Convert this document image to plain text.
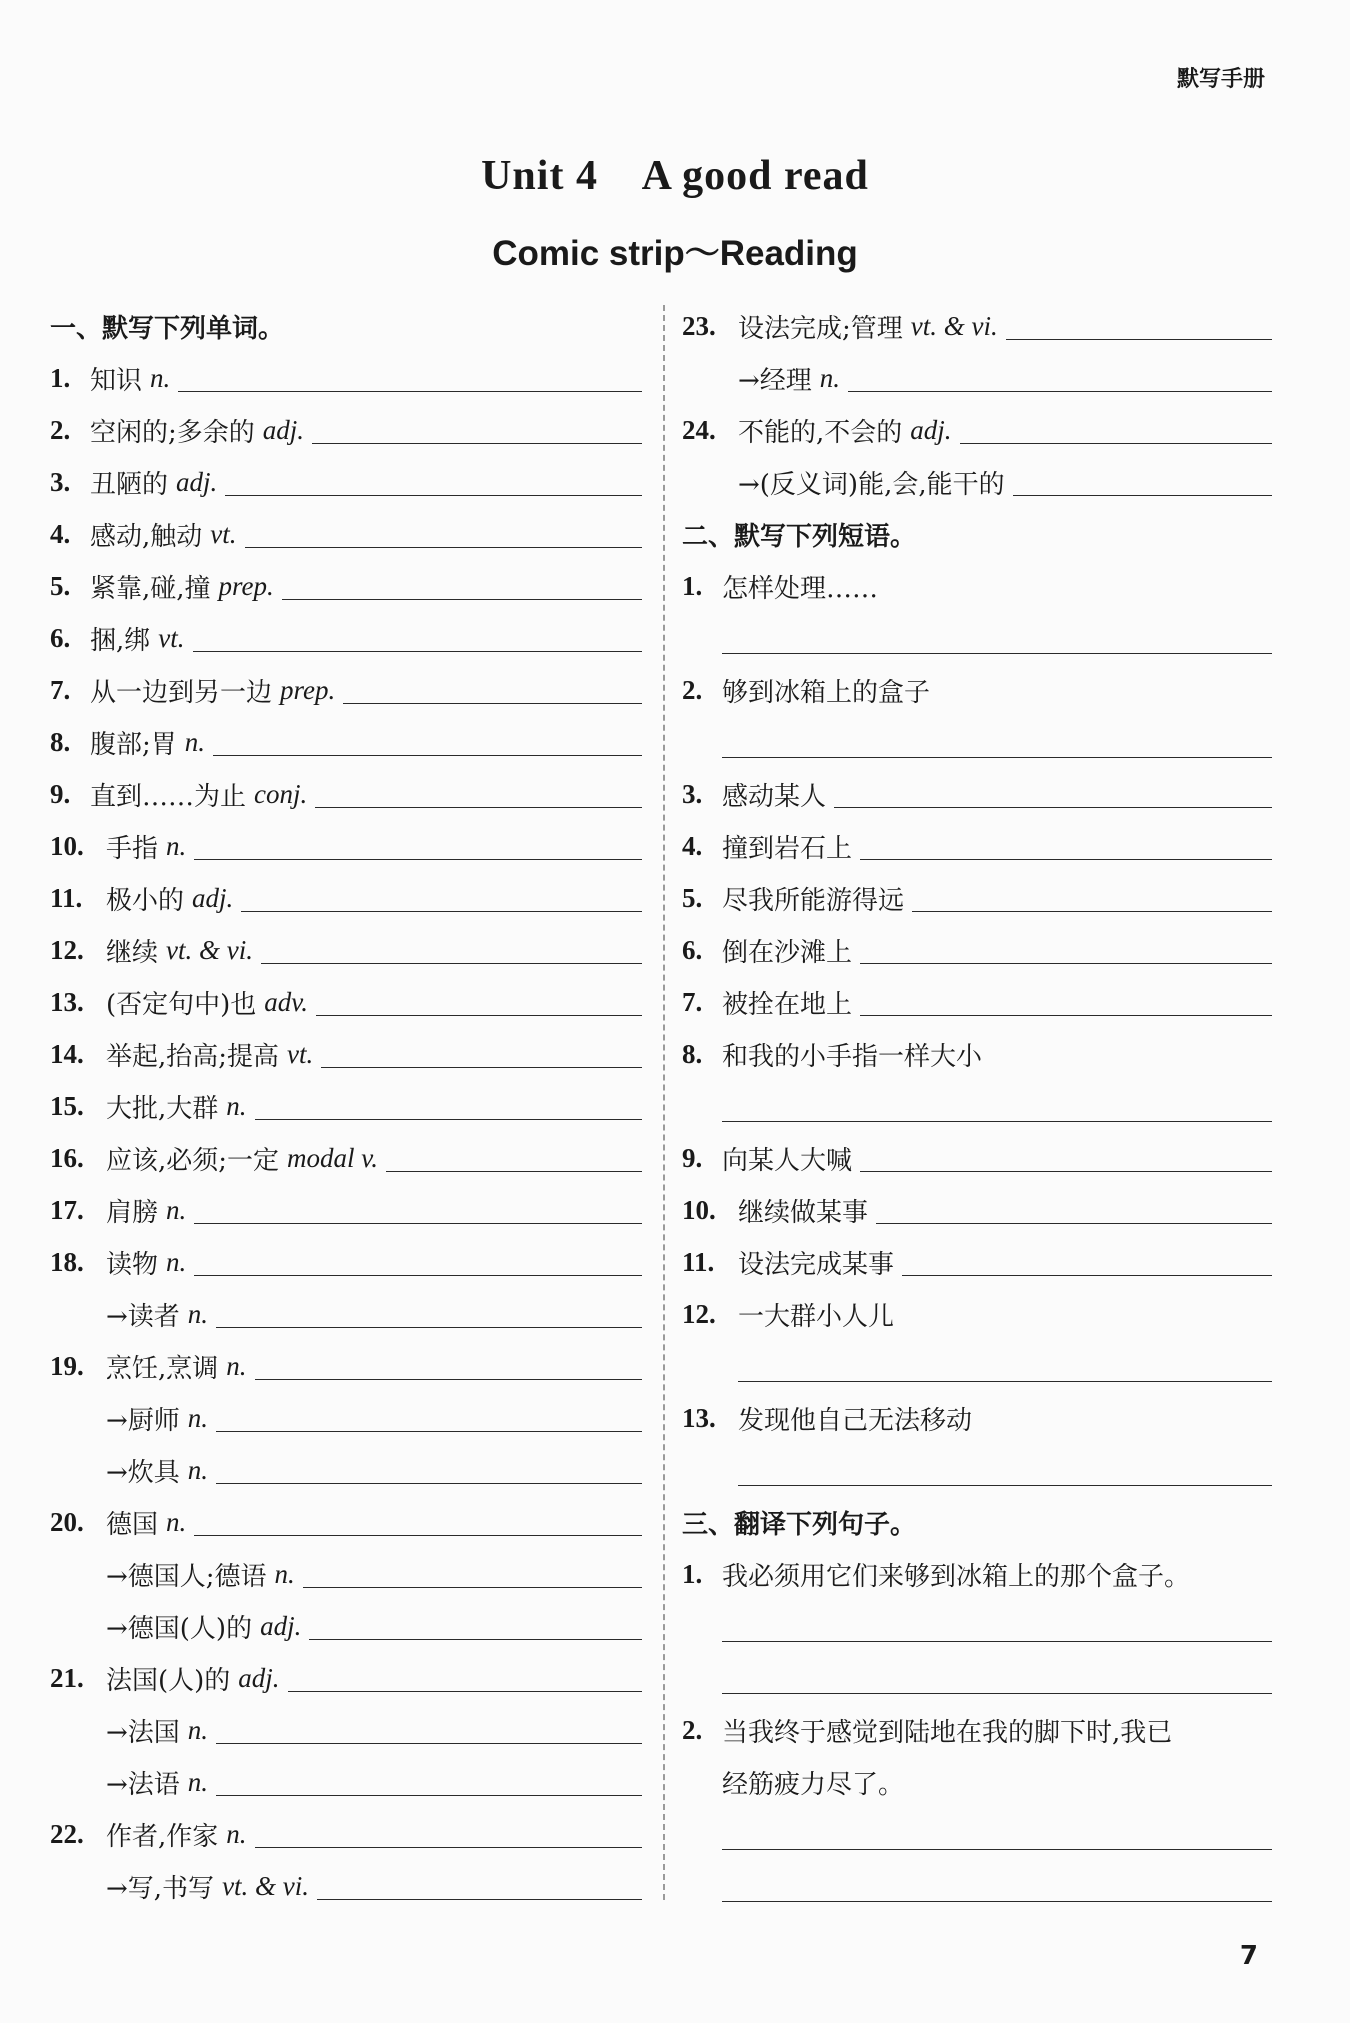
默写手册
Unit 4    A good read
Comic strip～Reading
一、默写下列单词。
1. 知识 n.
2. 空闲的;多余的 adj.
3. 丑陋的 adj.
4. 感动,触动 vt.
5. 紧靠,碰,撞 prep.
6. 捆,绑 vt.
7. 从一边到另一边 prep.
8. 腹部;胃 n.
9. 直到……为止 conj.
10. 手指 n.
11. 极小的 adj.
12. 继续 vt. & vi.
13. (否定句中)也 adv.
14. 举起,抬高;提高 vt.
15. 大批,大群 n.
16. 应该,必须;一定 modal v.
17. 肩膀 n.
18. 读物 n.
→读者 n.
19. 烹饪,烹调 n.
→厨师 n.
→炊具 n.
20. 德国 n.
→德国人;德语 n.
→德国(人)的 adj.
21. 法国(人)的 adj.
→法国 n.
→法语 n.
22. 作者,作家 n.
→写,书写 vt. & vi.
23. 设法完成;管理 vt. & vi.
→经理 n.
24. 不能的,不会的 adj.
→(反义词)能,会,能干的
二、默写下列短语。
1. 怎样处理……
2. 够到冰箱上的盒子
3. 感动某人
4. 撞到岩石上
5. 尽我所能游得远
6. 倒在沙滩上
7. 被拴在地上
8. 和我的小手指一样大小
9. 向某人大喊
10. 继续做某事
11. 设法完成某事
12. 一大群小人儿
13. 发现他自己无法移动
三、翻译下列句子。
1. 我必须用它们来够到冰箱上的那个盒子。
2. 当我终于感觉到陆地在我的脚下时,我已
经筋疲力尽了。
7
